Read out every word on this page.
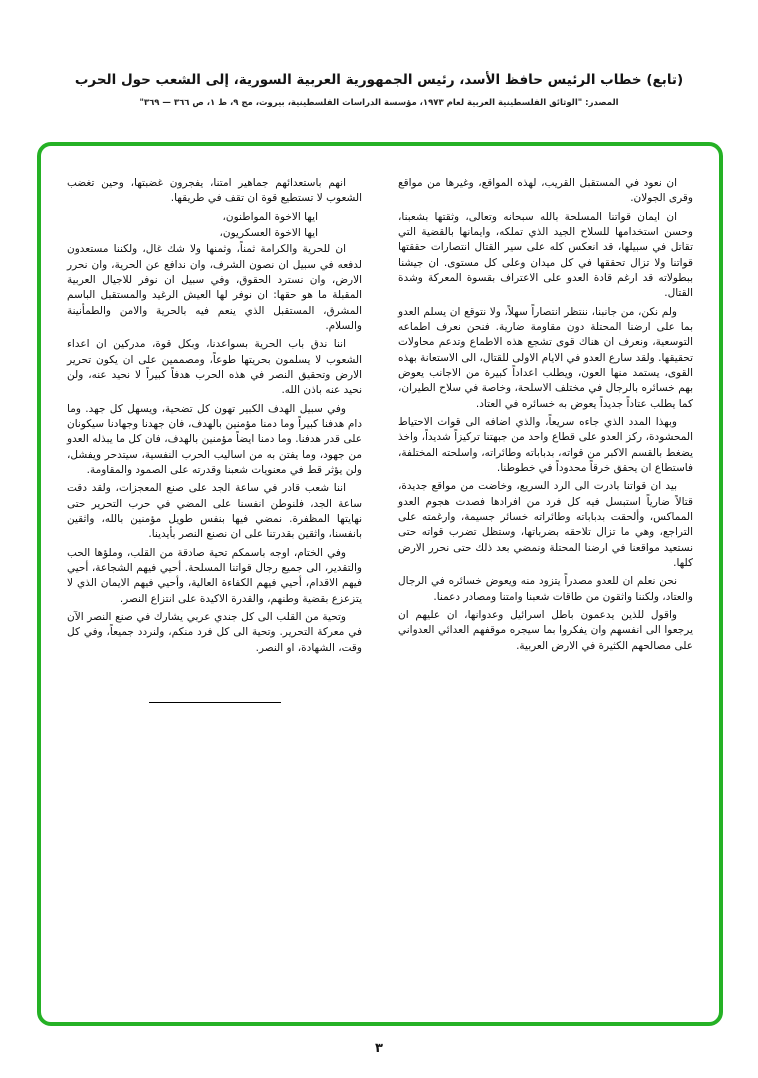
(تابع) خطاب الرئيس حافظ الأسد، رئيس الجمهورية العربية السورية، إلى الشعب حول الحرب
المصدر: "الوثائق الفلسطينية العربية لعام ١٩٧٣، مؤسسة الدراسات الفلسطينية، بيروت، مج ٩، ط ١، ص ٣٦٦ — ٣٦٩"

ان نعود في المستقبل القريب، لهذه المواقع، وغيرها من مواقع وقرى الجولان.

ان ايمان قواتنا المسلحة بالله سبحانه وتعالى، وثقتها بشعبنا، وحسن استخدامها للسلاح الجيد الذي تملكه، وايمانها بالقضية التي تقاتل في سبيلها، قد انعكس كله على سير القتال انتصارات حققتها قواتنا ولا تزال تحققها في كل ميدان وعلى كل مستوى. ان جيشنا ببطولاته قد ارغم قادة العدو على الاعتراف بقسوة المعركة وشدة القتال.

ولم نكن، من جانبنا، ننتظر انتصاراً سهلاً، ولا نتوقع ان يسلم العدو بما على ارضنا المحتلة دون مقاومة ضارية. فنحن نعرف اطماعه التوسعية، ونعرف ان هناك قوى تشجع هذه الاطماع وتدعم محاولات تحقيقها. ولقد سارع العدو في الايام الاولى للقتال، الى الاستعانة بهذه القوى، يستمد منها العون، ويطلب اعداداً كبيرة من الاجانب يعوض بهم خسائره بالرجال في مختلف الاسلحة، وخاصة في سلاح الطيران، كما يطلب عتاداً جديداً يعوض به خسائره في العتاد.

وبهذا المدد الذي جاءه سريعاً، والذي اضافه الى قوات الاحتياط المحشودة، ركز العدو على قطاع واحد من جبهتنا تركيزاً شديداً، واخذ يضغط بالقسم الاكبر من قواته، بدباباته وطائراته، واسلحته المختلفة، فاستطاع ان يحقق خرقاً محدوداً في خطوطنا.

بيد ان قواتنا بادرت الى الرد السريع، وخاضت من مواقع جديدة، قتالاً ضارياً استبسل فيه كل فرد من افرادها فصدت هجوم العدو المماكس، وألحقت بدباباته وطائراته خسائر جسيمة، وارغمته على التراجع، وهي ما تزال تلاحقه بضرباتها، وستظل تضرب قواته حتى نستعيد مواقعنا في ارضنا المحتلة ونمضي بعد ذلك حتى نحرر الارض كلها.

نحن نعلم ان للعدو مصدراً يتزود منه ويعوض خسائره في الرجال والعتاد، ولكننا واثقون من طاقات شعبنا وامتنا ومصادر دعمنا.

واقول للذين يدعمون باطل اسرائيل وعدوانها، ان عليهم ان يرجعوا الى انفسهم وان يفكروا بما سيجره موقفهم العدائي العدواني على مصالحهم الكثيرة في الارض العربية.

انهم باستعدائهم جماهير امتنا، يفجرون غضبتها، وحين تغضب الشعوب لا تستطيع قوة ان تقف في طريقها.

ايها الاخوة المواطنون،

ايها الاخوة العسكريون،

ان للحرية والكرامة ثمناً، وثمنها ولا شك غال، ولكننا مستعدون لدفعه في سبيل ان نصون الشرف، وان ندافع عن الحرية، وان نحرر الارض، وان نسترد الحقوق، وفي سبيل ان نوفر للاجيال العربية المقبلة ما هو حقها: ان نوفر لها العيش الرغيد والمستقبل الباسم المشرق، المستقبل الذي ينعم فيه بالحرية والامن والطمأنينة والسلام.

اننا ندق باب الحرية بسواعدنا، وبكل قوة، مدركين ان اعداء الشعوب لا يسلمون بحريتها طوعاً، ومصممين على ان يكون تحرير الارض وتحقيق النصر في هذه الحرب هدفاً كبيراً لا نحيد عنه، ولن نحيد عنه باذن الله.

وفي سبيل الهدف الكبير تهون كل تضحية، ويسهل كل جهد. وما دام هدفنا كبيراً وما دمنا مؤمنين بالهدف، فان جهدنا وجهادنا سيكونان على قدر هدفنا. وما دمنا ايضاً مؤمنين بالهدف، فان كل ما يبذله العدو من جهود، وما يفتن به من اساليب الحرب النفسية، سيتدحر ويفشل، ولن يؤثر قط في معنويات شعبنا وقدرته على الصمود والمقاومة.

اننا شعب قادر في ساعة الجد على صنع المعجزات، ولقد دقت ساعة الجد، فلنوطن انفسنا على المضي في حرب التحرير حتى نهايتها المظفرة. نمضي فيها بنفس طويل مؤمنين بالله، واثقين بانفسنا، واثقين بقدرتنا على ان نصنع النصر بأيدينا.

وفي الختام، اوجه باسمكم تحية صادقة من القلب، وملؤها الحب والتقدير، الى جميع رجال قواتنا المسلحة. أحيي فيهم الشجاعة، أحيي فيهم الاقدام، أحيي فيهم الكفاءة العالية، وأحيي فيهم الايمان الذي لا يتزعزع بقضية وطنهم، والقدرة الاكيدة على انتزاع النصر.

وتحية من القلب الى كل جندي عربي يشارك في صنع النصر الآن في معركة التحرير. وتحية الى كل فرد منكم، ولنردد جميعاً، وفي كل وقت، الشهادة، او النصر.

٣
